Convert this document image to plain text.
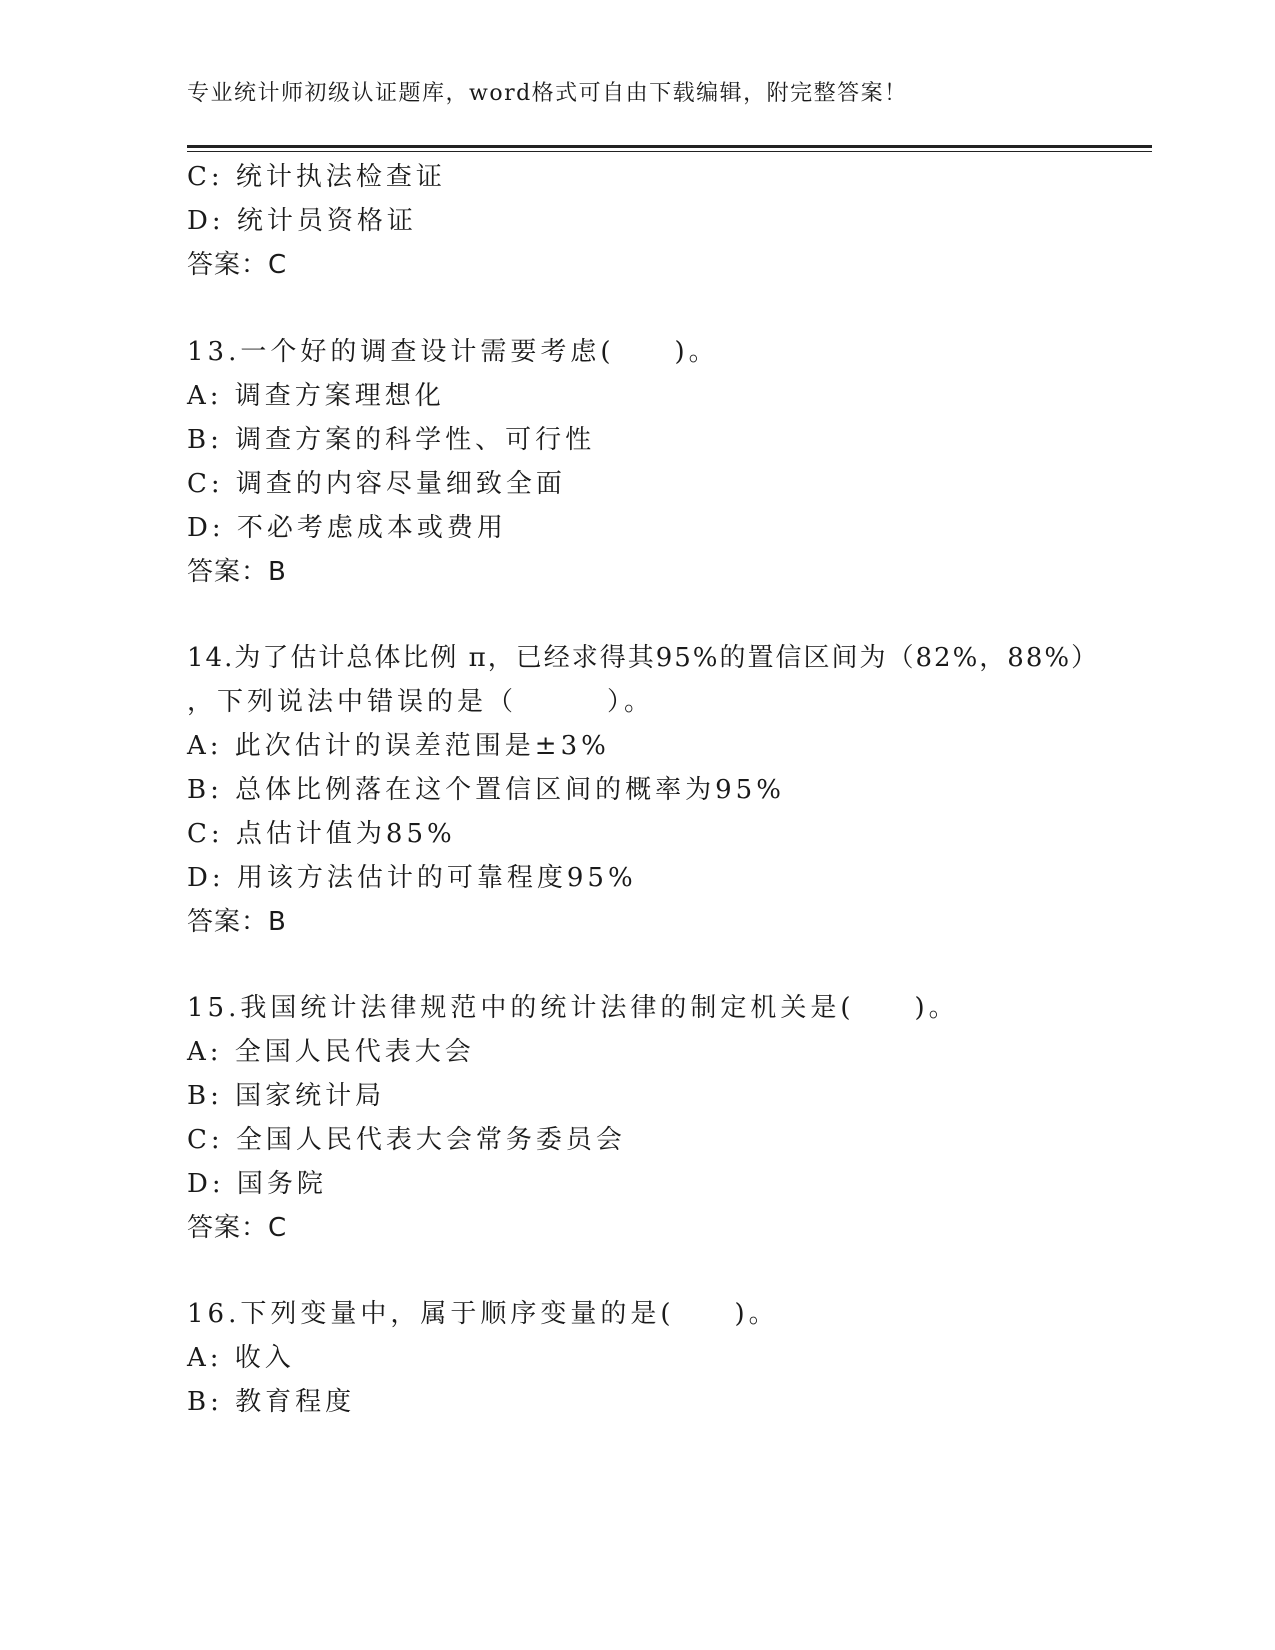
专业统计师初级认证题库，word格式可自由下载编辑，附完整答案！
C: 统计执法检查证
D: 统计员资格证
答案：C
13.一个好的调查设计需要考虑(　　)。
A: 调查方案理想化
B: 调查方案的科学性、可行性
C: 调查的内容尽量细致全面
D: 不必考虑成本或费用
答案：B
14.为了估计总体比例 π，已经求得其95%的置信区间为（82%，88%）
，下列说法中错误的是（　　　）。
A: 此次估计的误差范围是±3%
B: 总体比例落在这个置信区间的概率为95%
C: 点估计值为85%
D: 用该方法估计的可靠程度95%
答案：B
15.我国统计法律规范中的统计法律的制定机关是(　　)。
A: 全国人民代表大会
B: 国家统计局
C: 全国人民代表大会常务委员会
D: 国务院
答案：C
16.下列变量中，属于顺序变量的是(　　)。
A: 收入
B: 教育程度
